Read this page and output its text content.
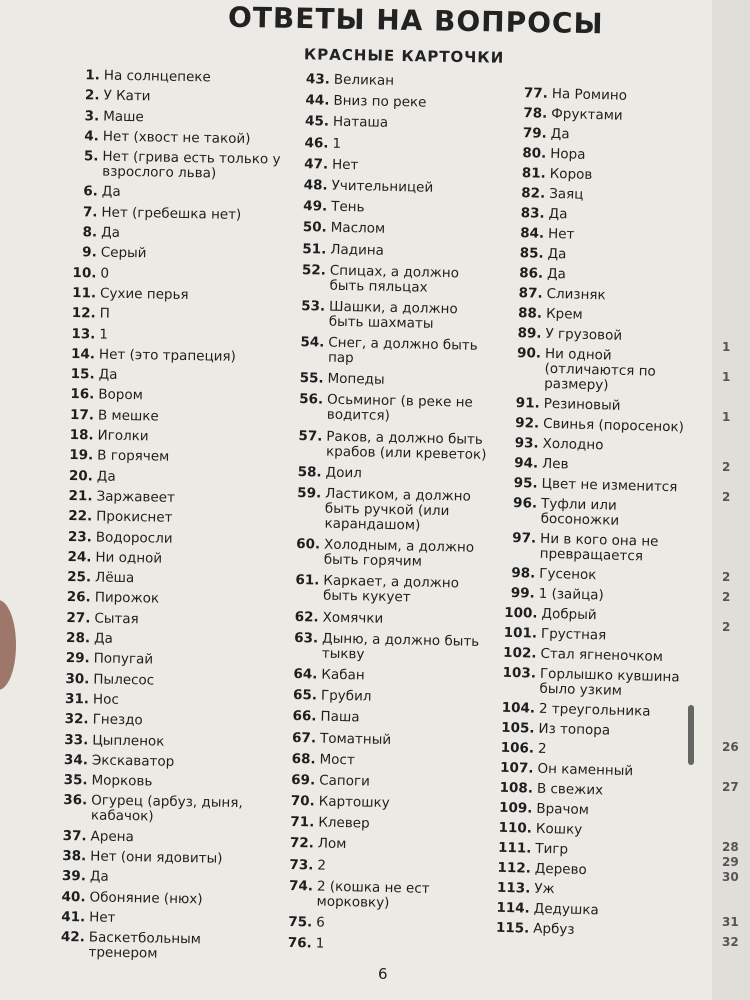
ОТВЕТЫ НА ВОПРОСЫ
КРАСНЫЕ КАРТОЧКИ
1. На солнцепеке
2. У Кати
3. Маше
4. Нет (хвост не такой)
5. Нет (грива есть только у взрослого льва)
6. Да
7. Нет (гребешка нет)
8. Да
9. Серый
10. 0
11. Сухие перья
12. П
13. 1
14. Нет (это трапеция)
15. Да
16. Вором
17. В мешке
18. Иголки
19. В горячем
20. Да
21. Заржавеет
22. Прокиснет
23. Водоросли
24. Ни одной
25. Лёша
26. Пирожок
27. Сытая
28. Да
29. Попугай
30. Пылесос
31. Нос
32. Гнездо
33. Цыпленок
34. Экскаватор
35. Морковь
36. Огурец (арбуз, дыня, кабачок)
37. Арена
38. Нет (они ядовиты)
39. Да
40. Обоняние (нюх)
41. Нет
42. Баскетбольным тренером
43. Великан
44. Вниз по реке
45. Наташа
46. 1
47. Нет
48. Учительницей
49. Тень
50. Маслом
51. Ладина
52. Спицах, а должно быть пяльцах
53. Шашки, а должно быть шахматы
54. Снег, а должно быть пар
55. Мопеды
56. Осьминог (в реке не водится)
57. Раков, а должно быть крабов (или креветок)
58. Доил
59. Ластиком, а должно быть ручкой (или карандашом)
60. Холодным, а должно быть горячим
61. Каркает, а должно быть кукует
62. Хомячки
63. Дыню, а должно быть тыкву
64. Кабан
65. Грубил
66. Паша
67. Томатный
68. Мост
69. Сапоги
70. Картошку
71. Клевер
72. Лом
73. 2
74. 2 (кошка не ест морковку)
75. 6
76. 1
77. На Ромино
78. Фруктами
79. Да
80. Нора
81. Коров
82. Заяц
83. Да
84. Нет
85. Да
86. Да
87. Слизняк
88. Крем
89. У грузовой
90. Ни одной (отличаются по размеру)
91. Резиновый
92. Свинья (поросенок)
93. Холодно
94. Лев
95. Цвет не изменится
96. Туфли или босоножки
97. Ни в кого она не превращается
98. Гусенок
99. 1 (зайца)
100. Добрый
101. Грустная
102. Стал ягненочком
103. Горлышко кувшина было узким
104. 2 треугольника
105. Из топора
106. 2
107. Он каменный
108. В свежих
109. Врачом
110. Кошку
111. Тигр
112. Дерево
113. Уж
114. Дедушка
115. Арбуз
6
1
1
1
2
2
2
2
2
26
27
28
29
30
31
32
